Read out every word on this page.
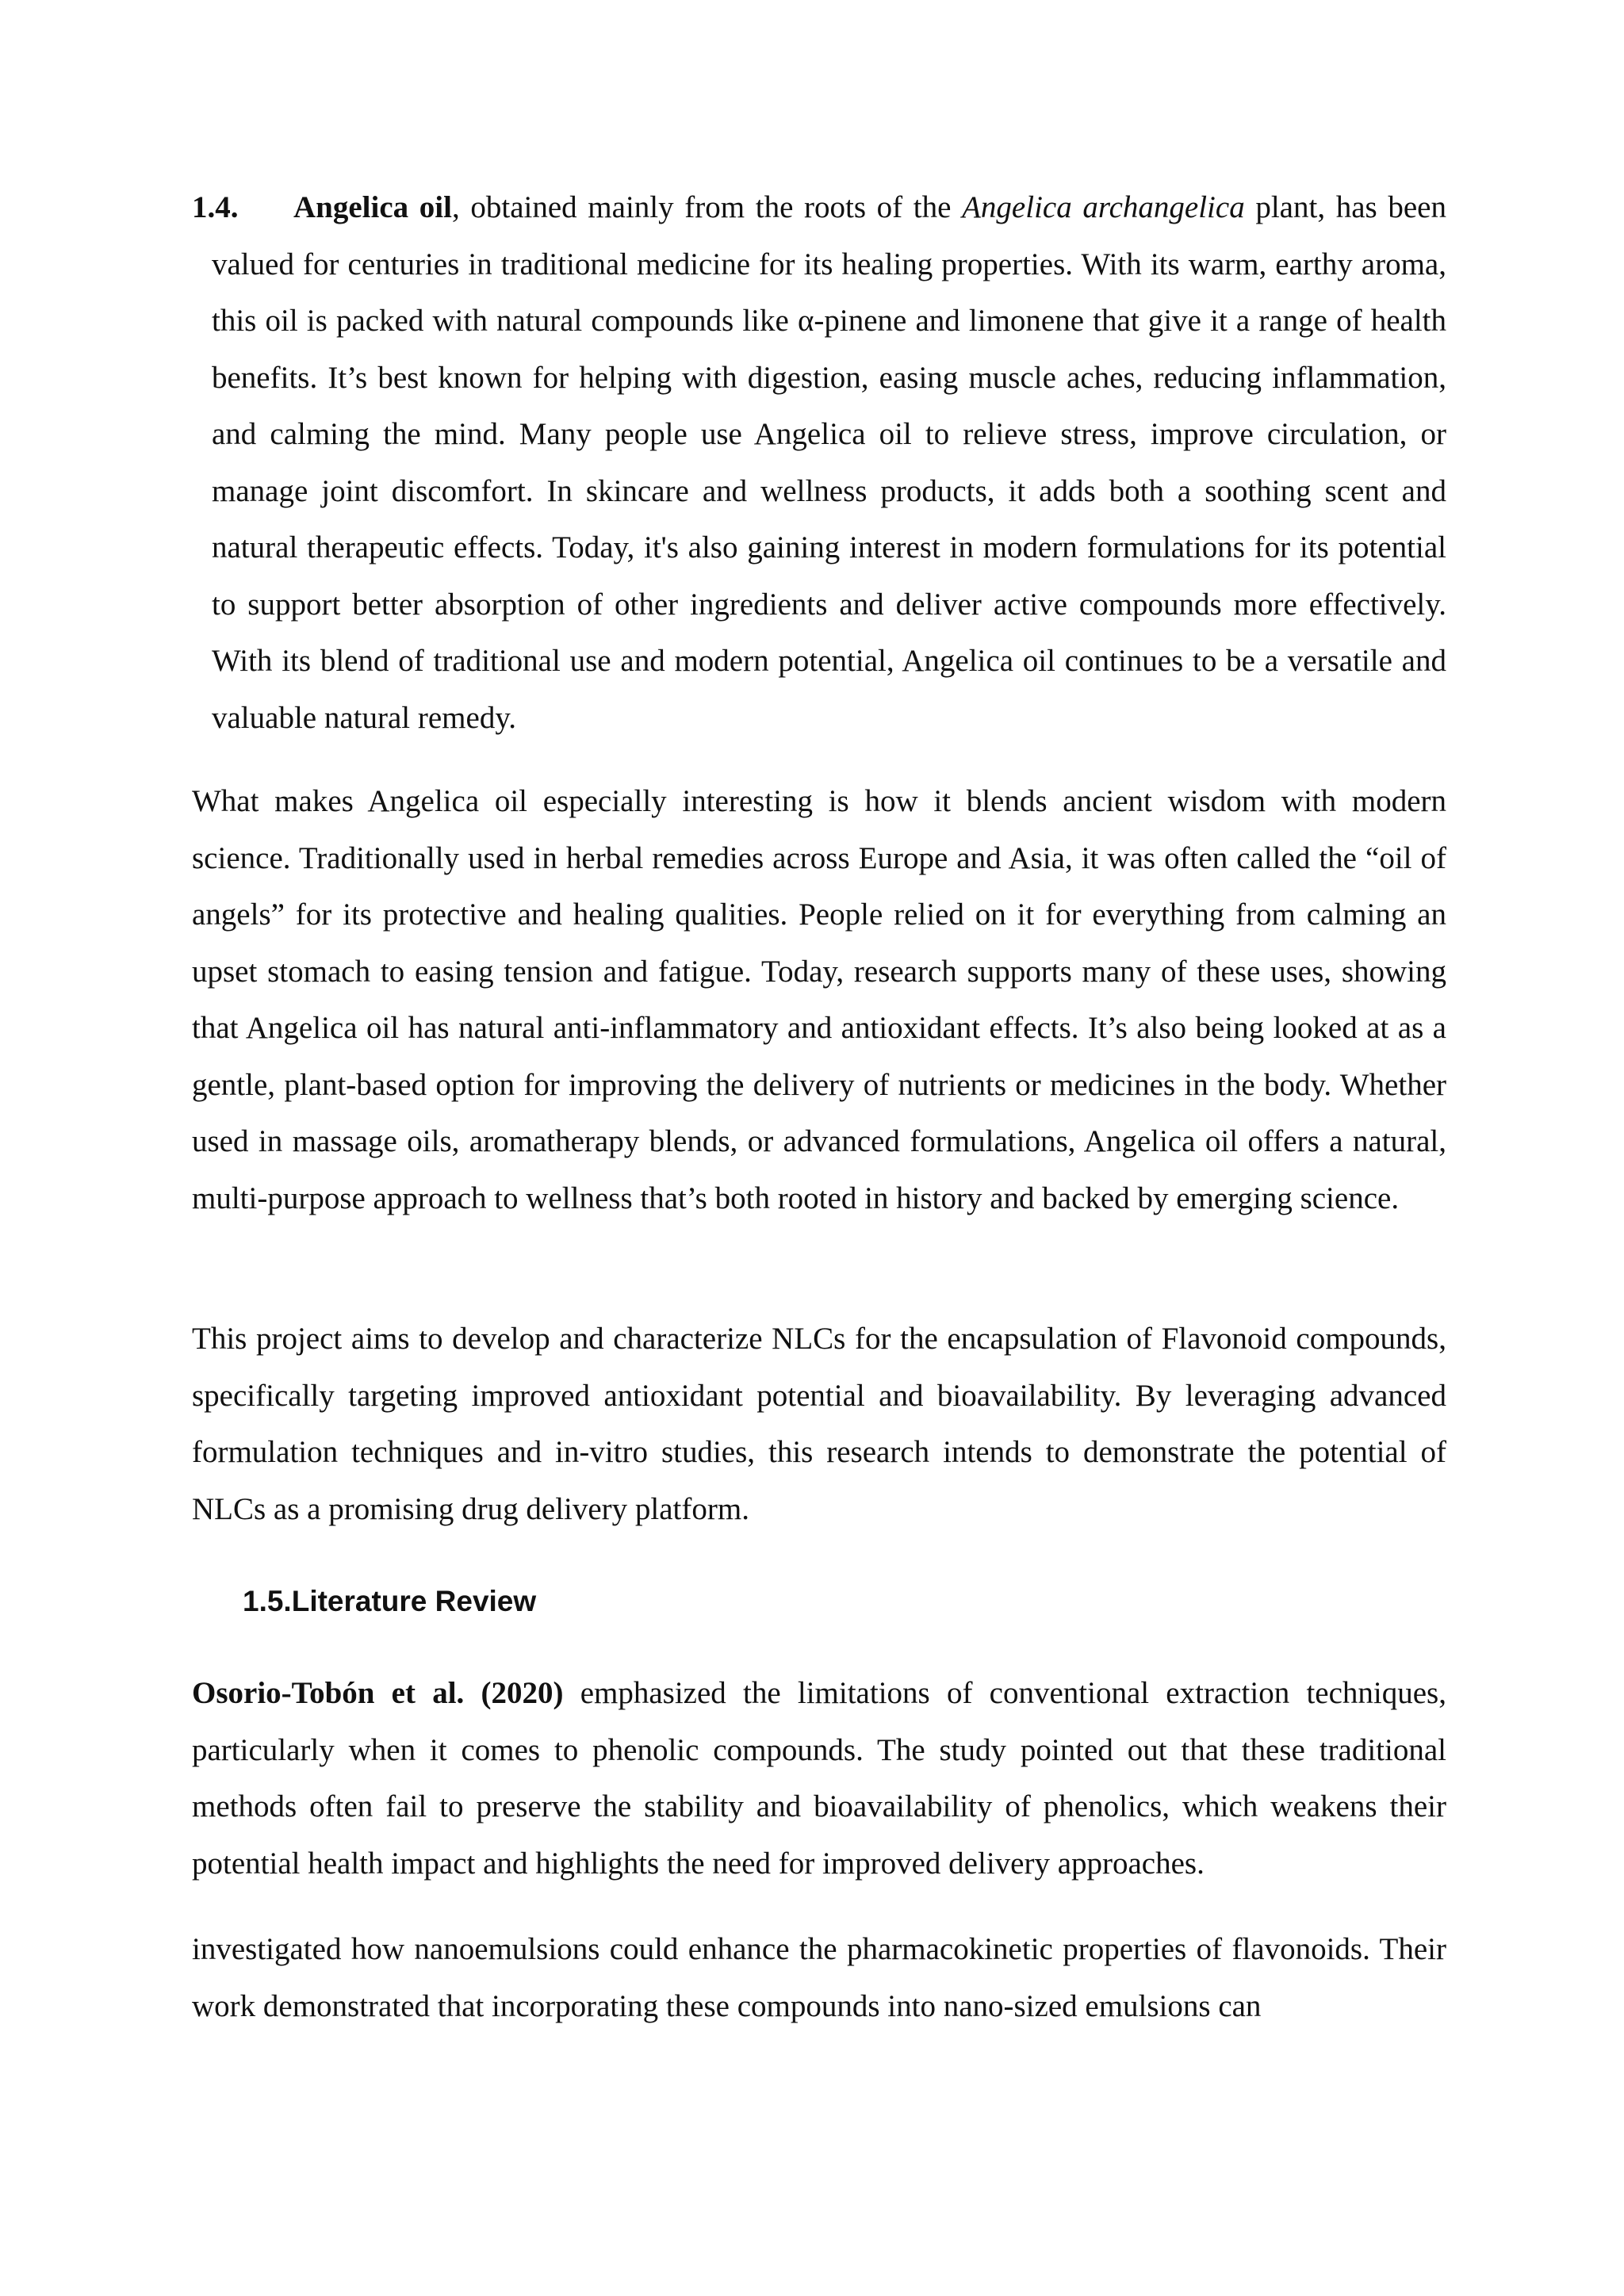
1.4. Angelica oil, obtained mainly from the roots of the Angelica archangelica plant, has been valued for centuries in traditional medicine for its healing properties. With its warm, earthy aroma, this oil is packed with natural compounds like α-pinene and limonene that give it a range of health benefits. It’s best known for helping with digestion, easing muscle aches, reducing inflammation, and calming the mind. Many people use Angelica oil to relieve stress, improve circulation, or manage joint discomfort. In skincare and wellness products, it adds both a soothing scent and natural therapeutic effects. Today, it's also gaining interest in modern formulations for its potential to support better absorption of other ingredients and deliver active compounds more effectively. With its blend of traditional use and modern potential, Angelica oil continues to be a versatile and valuable natural remedy.

What makes Angelica oil especially interesting is how it blends ancient wisdom with modern science. Traditionally used in herbal remedies across Europe and Asia, it was often called the “oil of angels” for its protective and healing qualities. People relied on it for everything from calming an upset stomach to easing tension and fatigue. Today, research supports many of these uses, showing that Angelica oil has natural anti-inflammatory and antioxidant effects. It’s also being looked at as a gentle, plant-based option for improving the delivery of nutrients or medicines in the body. Whether used in massage oils, aromatherapy blends, or advanced formulations, Angelica oil offers a natural, multi-purpose approach to wellness that’s both rooted in history and backed by emerging science.

This project aims to develop and characterize NLCs for the encapsulation of Flavonoid compounds, specifically targeting improved antioxidant potential and bioavailability. By leveraging advanced formulation techniques and in-vitro studies, this research intends to demonstrate the potential of NLCs as a promising drug delivery platform.

1.5.Literature Review

Osorio-Tobón et al. (2020) emphasized the limitations of conventional extraction techniques, particularly when it comes to phenolic compounds. The study pointed out that these traditional methods often fail to preserve the stability and bioavailability of phenolics, which weakens their potential health impact and highlights the need for improved delivery approaches.

investigated how nanoemulsions could enhance the pharmacokinetic properties of flavonoids. Their work demonstrated that incorporating these compounds into nano-sized emulsions can
